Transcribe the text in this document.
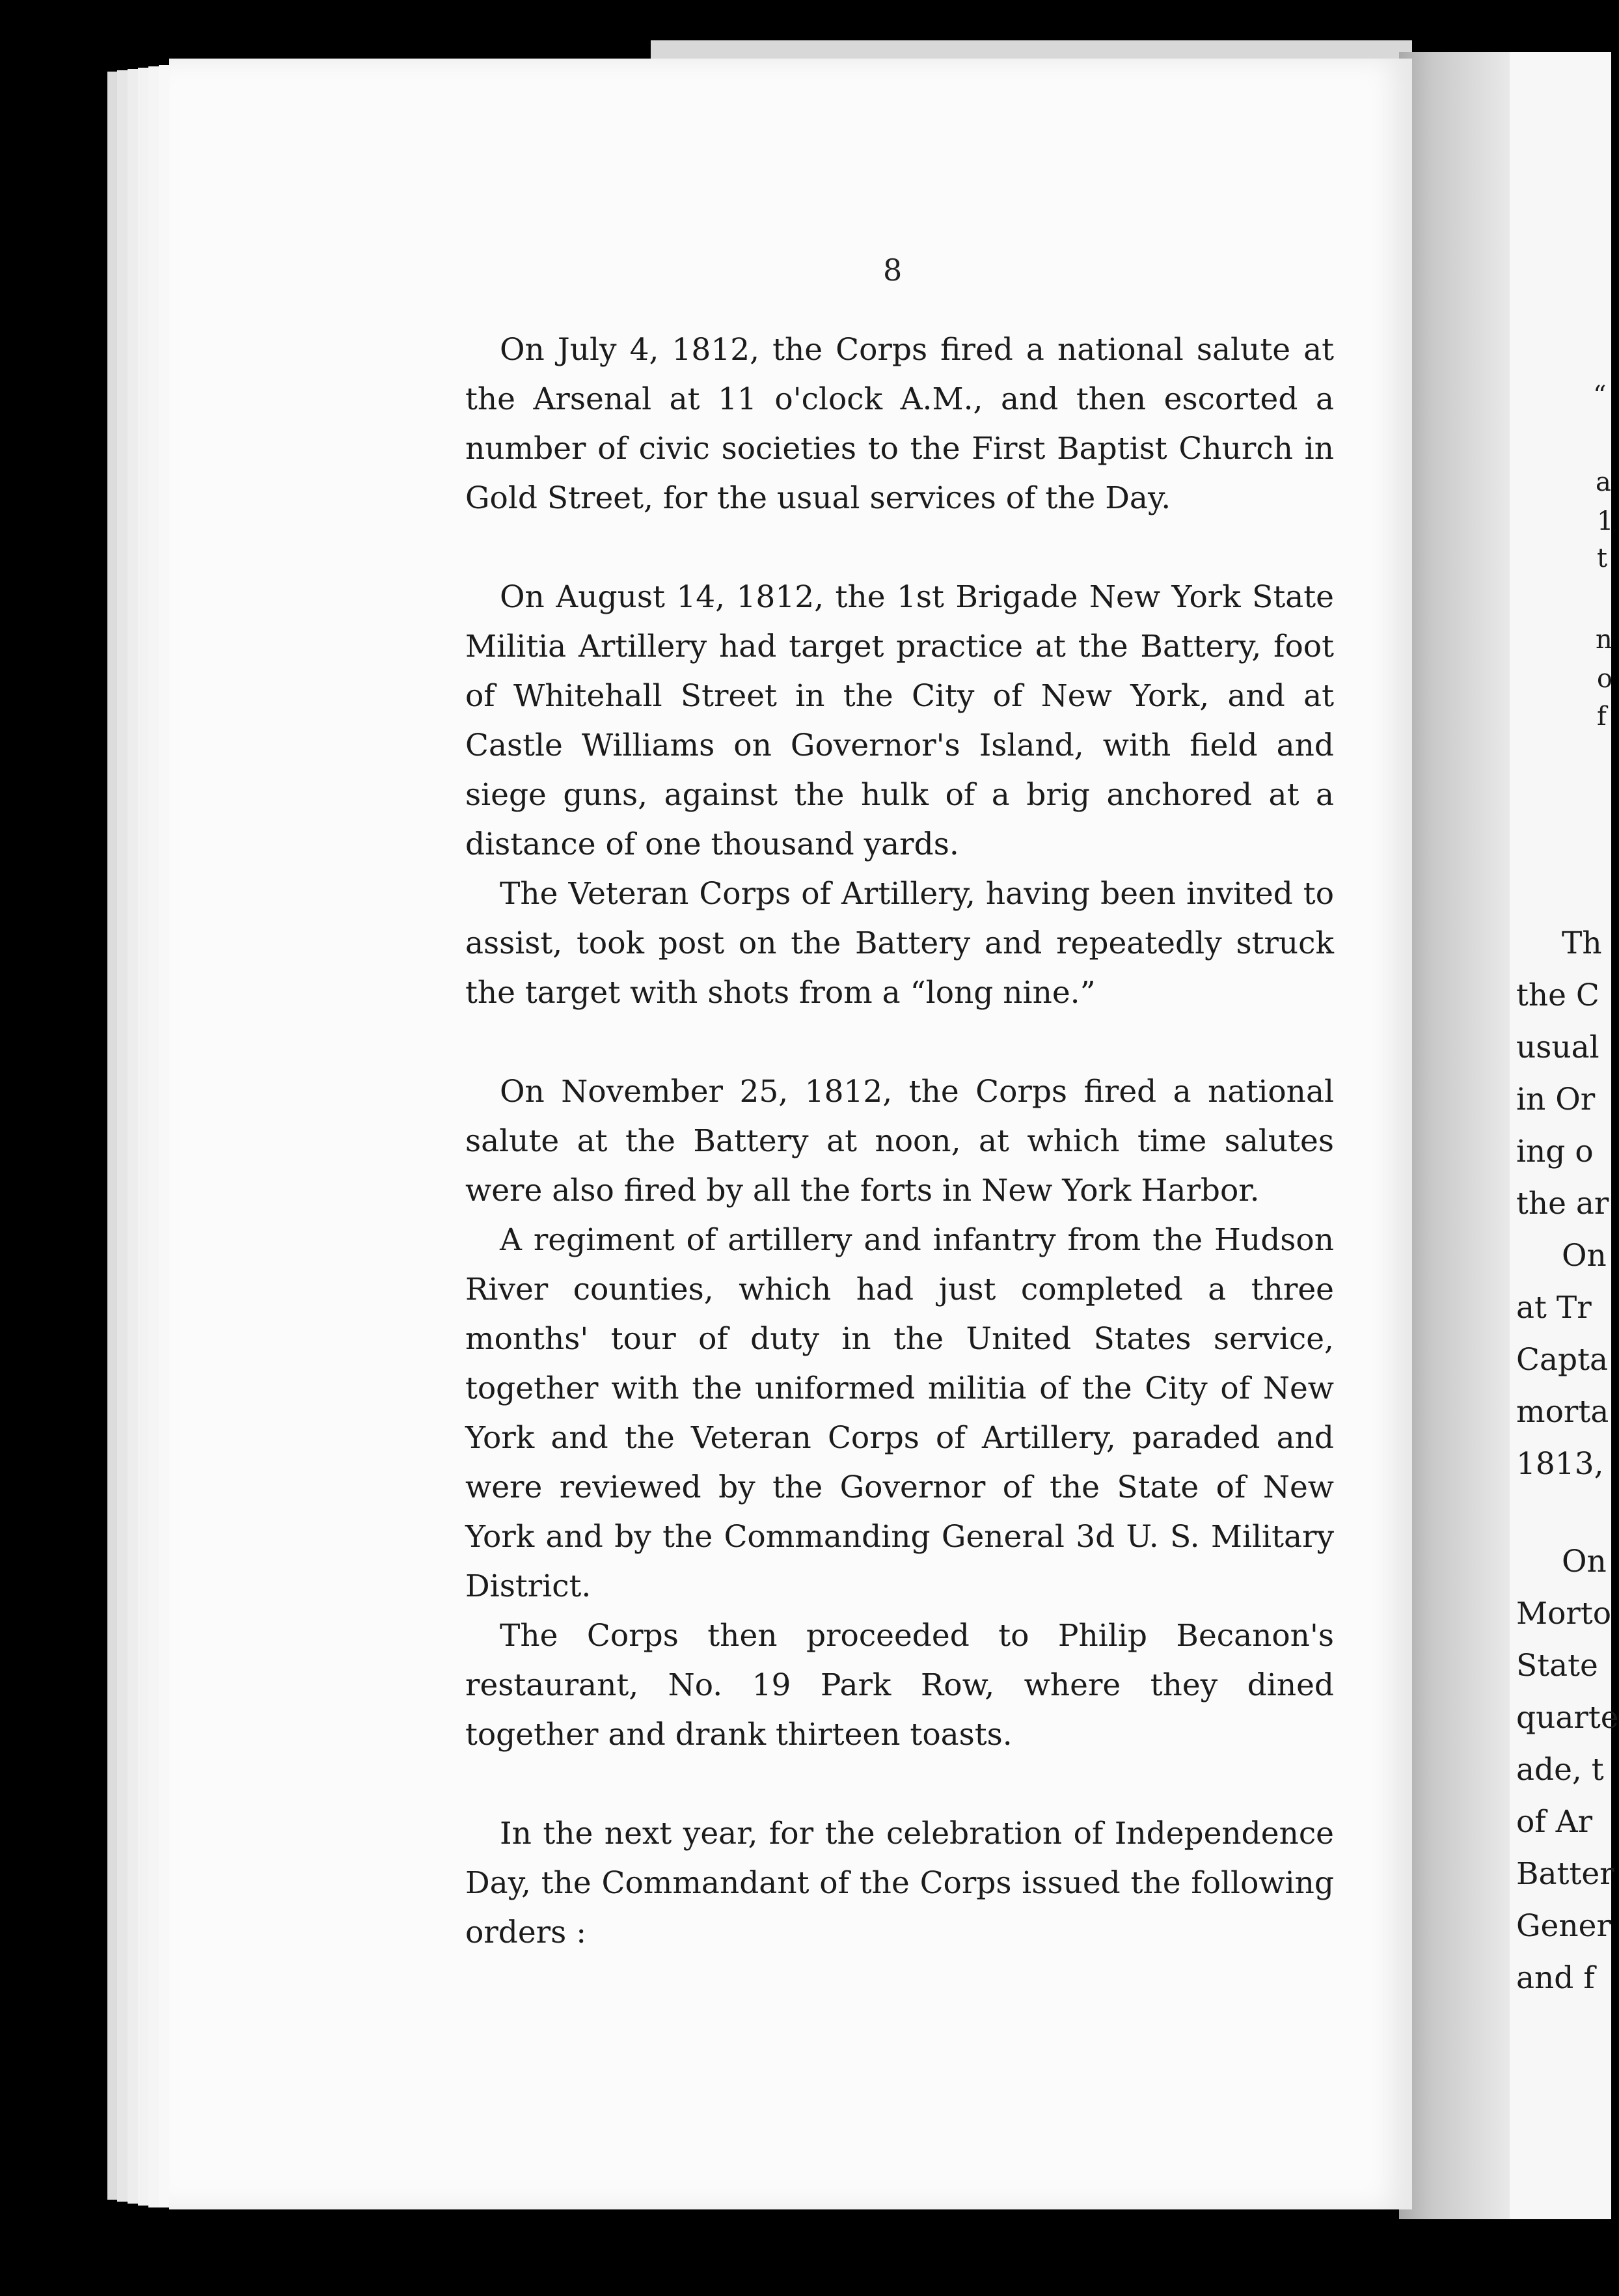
8

On July 4, 1812, the Corps fired a national salute at the Arsenal at 11 o'clock A.M., and then escorted a number of civic societies to the First Baptist Church in Gold Street, for the usual services of the Day.

On August 14, 1812, the 1st Brigade New York State Militia Artillery had target practice at the Battery, foot of Whitehall Street in the City of New York, and at Castle Williams on Governor's Island, with field and siege guns, against the hulk of a brig anchored at a distance of one thousand yards.

The Veteran Corps of Artillery, having been invited to assist, took post on the Battery and repeatedly struck the target with shots from a “long nine.”

On November 25, 1812, the Corps fired a national salute at the Battery at noon, at which time salutes were also fired by all the forts in New York Harbor.

A regiment of artillery and infantry from the Hudson River counties, which had just completed a three months' tour of duty in the United States service, together with the uniformed militia of the City of New York and the Veteran Corps of Artillery, paraded and were reviewed by the Governor of the State of New York and by the Commanding General 3d U. S. Military District.

The Corps then proceeded to Philip Becanon's restaurant, No. 19 Park Row, where they dined together and drank thirteen toasts.

In the next year, for the celebration of Independence Day, the Commandant of the Corps issued the following orders :

“
a
1
t
n
o
f
Th
the C
usual
in Or
ing o
the ar
On
at Tr
Capta
morta
1813,
On
Morto
State
quarte
ade, t
of Ar
Batter
Gener
and f
